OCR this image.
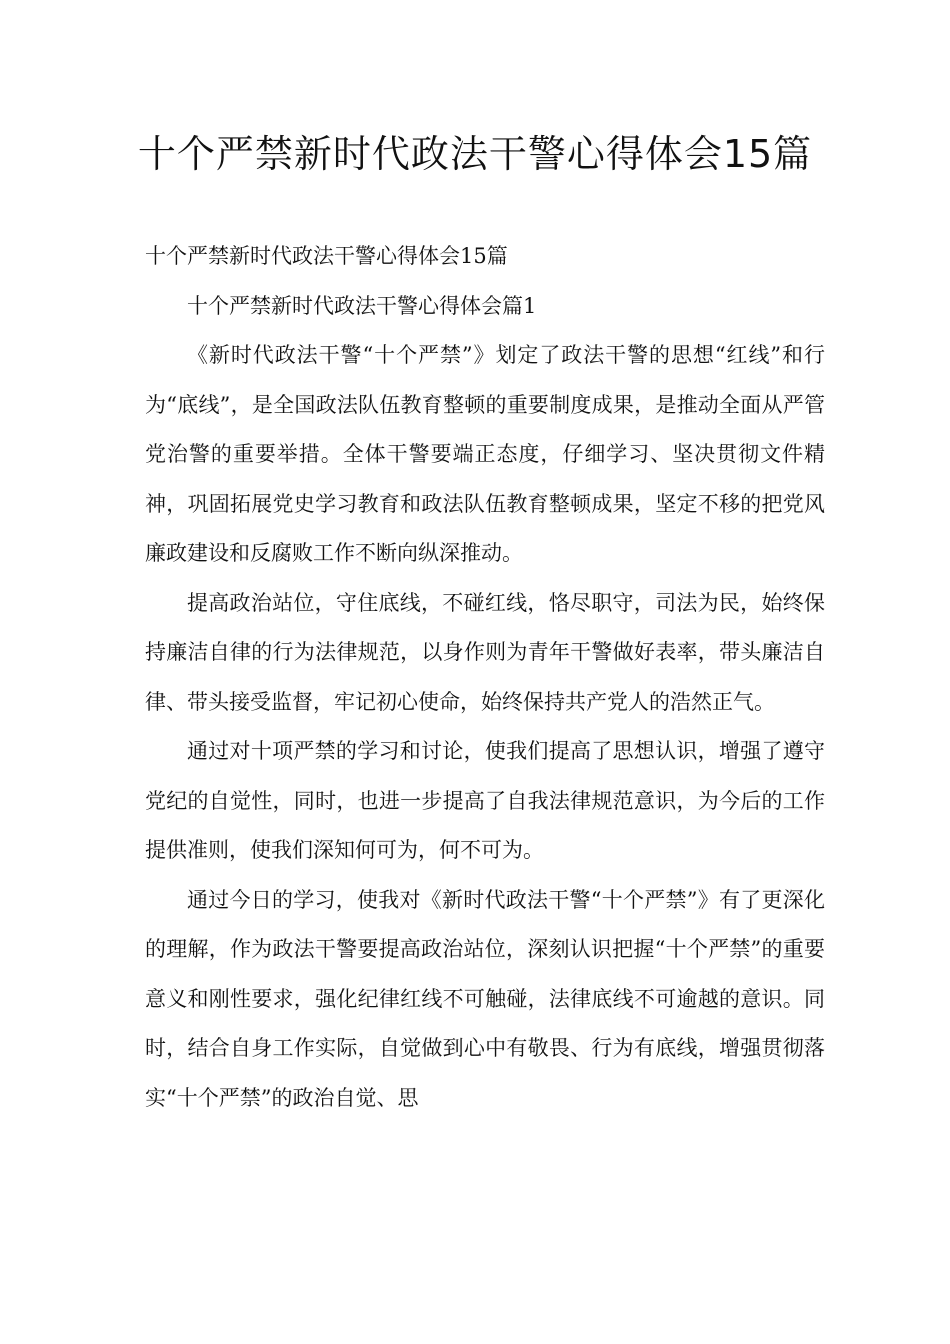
十个严禁新时代政法干警心得体会15篇

十个严禁新时代政法干警心得体会15篇

十个严禁新时代政法干警心得体会篇1

《新时代政法干警“十个严禁”》划定了政法干警的思想“红线”和行为“底线”，是全国政法队伍教育整顿的重要制度成果，是推动全面从严管党治警的重要举措。全体干警要端正态度，仔细学习、坚决贯彻文件精神，巩固拓展党史学习教育和政法队伍教育整顿成果，坚定不移的把党风廉政建设和反腐败工作不断向纵深推动。

提高政治站位，守住底线，不碰红线，恪尽职守，司法为民，始终保持廉洁自律的行为法律规范，以身作则为青年干警做好表率，带头廉洁自律、带头接受监督，牢记初心使命，始终保持共产党人的浩然正气。

通过对十项严禁的学习和讨论，使我们提高了思想认识，增强了遵守党纪的自觉性，同时，也进一步提高了自我法律规范意识，为今后的工作提供准则，使我们深知何可为，何不可为。

通过今日的学习，使我对《新时代政法干警“十个严禁”》有了更深化的理解，作为政法干警要提高政治站位，深刻认识把握“十个严禁”的重要意义和刚性要求，强化纪律红线不可触碰，法律底线不可逾越的意识。同时，结合自身工作实际，自觉做到心中有敬畏、行为有底线，增强贯彻落实“十个严禁”的政治自觉、思
